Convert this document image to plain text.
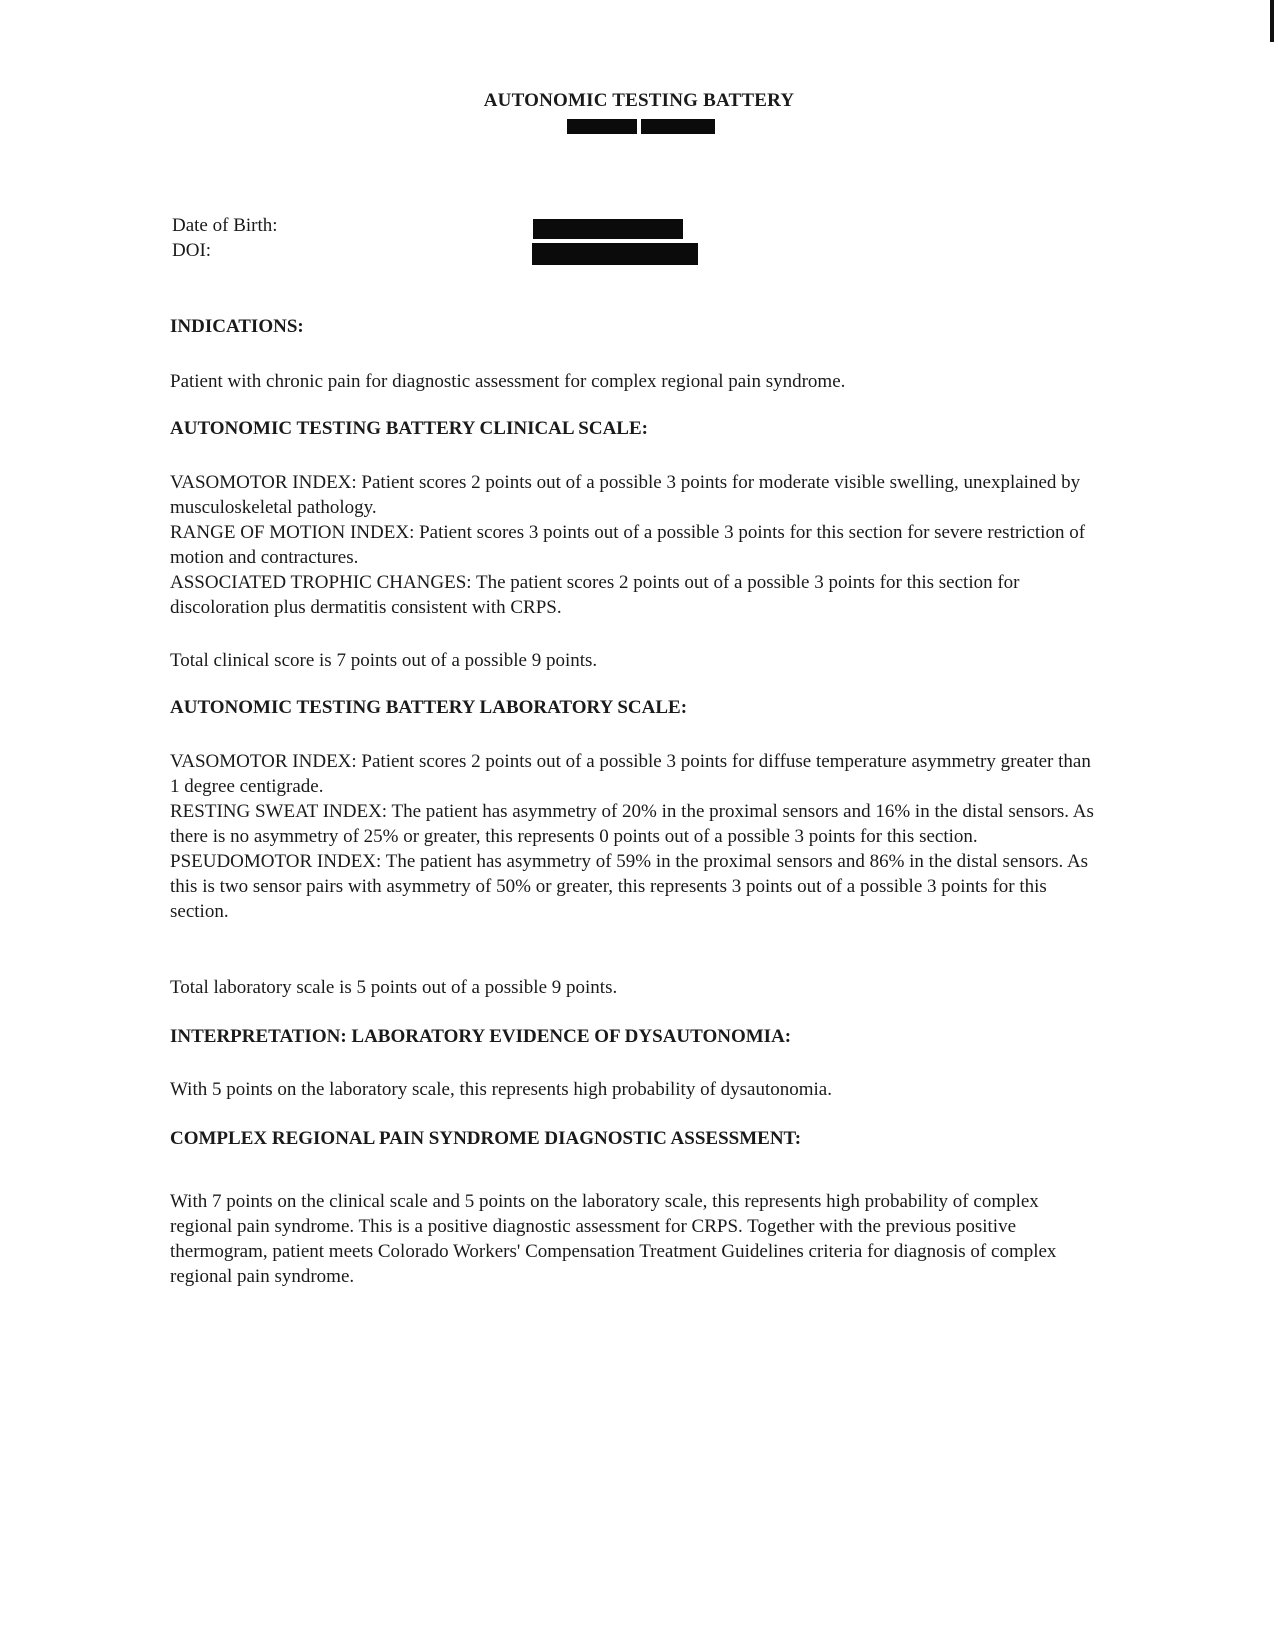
AUTONOMIC TESTING BATTERY
Date of Birth:
DOI:
INDICATIONS:

Patient with chronic pain for diagnostic assessment for complex regional pain syndrome.

AUTONOMIC TESTING BATTERY CLINICAL SCALE:
VASOMOTOR INDEX: Patient scores 2 points out of a possible 3 points for moderate visible swelling, unexplained by musculoskeletal pathology.
RANGE OF MOTION INDEX: Patient scores 3 points out of a possible 3 points for this section for severe restriction of motion and contractures.
ASSOCIATED TROPHIC CHANGES: The patient scores 2 points out of a possible 3 points for this section for discoloration plus dermatitis consistent with CRPS.

Total clinical score is 7 points out of a possible 9 points.

AUTONOMIC TESTING BATTERY LABORATORY SCALE:
VASOMOTOR INDEX: Patient scores 2 points out of a possible 3 points for diffuse temperature asymmetry greater than 1 degree centigrade.
RESTING SWEAT INDEX: The patient has asymmetry of 20% in the proximal sensors and 16% in the distal sensors. As there is no asymmetry of 25% or greater, this represents 0 points out of a possible 3 points for this section.
PSEUDOMOTOR INDEX: The patient has asymmetry of 59% in the proximal sensors and 86% in the distal sensors. As this is two sensor pairs with asymmetry of 50% or greater, this represents 3 points out of a possible 3 points for this section.

Total laboratory scale is 5 points out of a possible 9 points.

INTERPRETATION: LABORATORY EVIDENCE OF DYSAUTONOMIA:

With 5 points on the laboratory scale, this represents high probability of dysautonomia.

COMPLEX REGIONAL PAIN SYNDROME DIAGNOSTIC ASSESSMENT:

With 7 points on the clinical scale and 5 points on the laboratory scale, this represents high probability of complex regional pain syndrome. This is a positive diagnostic assessment for CRPS. Together with the previous positive thermogram, patient meets Colorado Workers' Compensation Treatment Guidelines criteria for diagnosis of complex regional pain syndrome.
